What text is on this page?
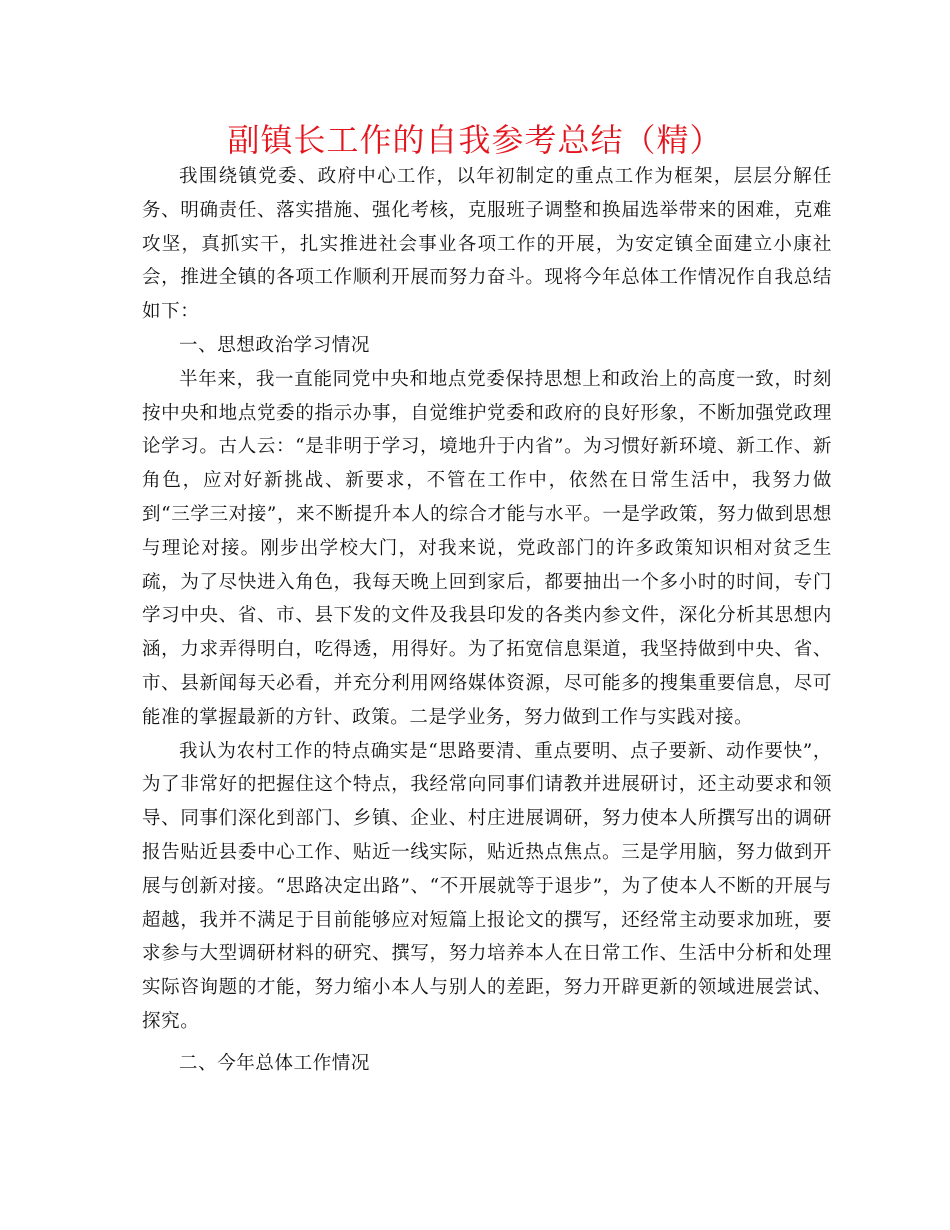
副镇长工作的自我参考总结（精）

我围绕镇党委、政府中心工作，以年初制定的重点工作为框架，层层分解任务、明确责任、落实措施、强化考核，克服班子调整和换届选举带来的困难，克难攻坚，真抓实干，扎实推进社会事业各项工作的开展，为安定镇全面建立小康社会，推进全镇的各项工作顺利开展而努力奋斗。现将今年总体工作情况作自我总结如下：

一、思想政治学习情况

半年来，我一直能同党中央和地点党委保持思想上和政治上的高度一致，时刻按中央和地点党委的指示办事，自觉维护党委和政府的良好形象，不断加强党政理论学习。古人云：“是非明于学习，境地升于内省”。为习惯好新环境、新工作、新角色，应对好新挑战、新要求，不管在工作中，依然在日常生活中，我努力做到“三学三对接”，来不断提升本人的综合才能与水平。一是学政策，努力做到思想与理论对接。刚步出学校大门，对我来说，党政部门的许多政策知识相对贫乏生疏，为了尽快进入角色，我每天晚上回到家后，都要抽出一个多小时的时间，专门学习中央、省、市、县下发的文件及我县印发的各类内参文件，深化分析其思想内涵，力求弄得明白，吃得透，用得好。为了拓宽信息渠道，我坚持做到中央、省、市、县新闻每天必看，并充分利用网络媒体资源，尽可能多的搜集重要信息，尽可能准的掌握最新的方针、政策。二是学业务，努力做到工作与实践对接。

我认为农村工作的特点确实是“思路要清、重点要明、点子要新、动作要快”，为了非常好的把握住这个特点，我经常向同事们请教并进展研讨，还主动要求和领导、同事们深化到部门、乡镇、企业、村庄进展调研，努力使本人所撰写出的调研报告贴近县委中心工作、贴近一线实际，贴近热点焦点。三是学用脑，努力做到开展与创新对接。“思路决定出路”、“不开展就等于退步”，为了使本人不断的开展与超越，我并不满足于目前能够应对短篇上报论文的撰写，还经常主动要求加班，要求参与大型调研材料的研究、撰写，努力培养本人在日常工作、生活中分析和处理实际咨询题的才能，努力缩小本人与别人的差距，努力开辟更新的领域进展尝试、探究。

二、今年总体工作情况
